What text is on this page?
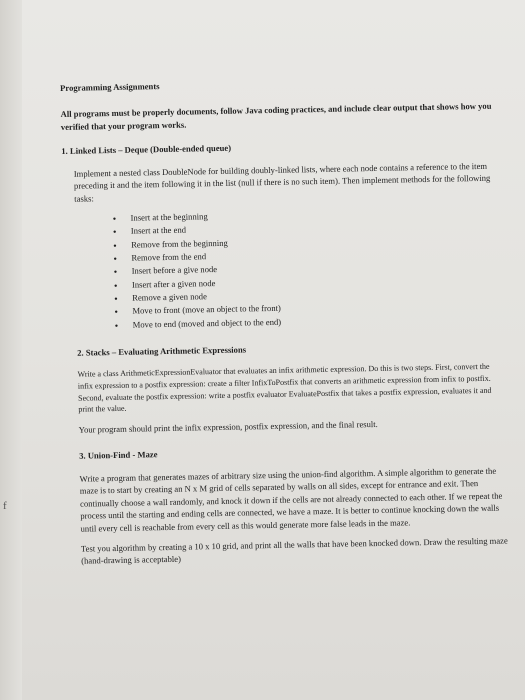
f
Programming Assignments
All programs must be properly documents, follow Java coding practices, and include clear output that shows how you verified that your program works.
1. Linked Lists – Deque (Double-ended queue)
Implement a nested class DoubleNode for building doubly-linked lists, where each node contains a reference to the item preceding it and the item following it in the list (null if there is no such item). Then implement methods for the following tasks:
• Insert at the beginning
• Insert at the end
• Remove from the beginning
• Remove from the end
• Insert before a give node
• Insert after a given node
• Remove a given node
• Move to front (move an object to the front)
• Move to end (moved and object to the end)
2. Stacks – Evaluating Arithmetic Expressions
Write a class ArithmeticExpressionEvaluator that evaluates an infix arithmetic expression. Do this is two steps. First, convert the infix expression to a postfix expression: create a filter InfixToPostfix that converts an arithmetic expression from infix to postfix. Second, evaluate the postfix expression: write a postfix evaluator EvaluatePostfix that takes a postfix expression, evaluates it and print the value.
Your program should print the infix expression, postfix expression, and the final result.
3. Union-Find - Maze
Write a program that generates mazes of arbitrary size using the union-find algorithm. A simple algorithm to generate the maze is to start by creating an N x M grid of cells separated by walls on all sides, except for entrance and exit. Then continually choose a wall randomly, and knock it down if the cells are not already connected to each other. If we repeat the process until the starting and ending cells are connected, we have a maze. It is better to continue knocking down the walls until every cell is reachable from every cell as this would generate more false leads in the maze.
Test you algorithm by creating a 10 x 10 grid, and print all the walls that have been knocked down. Draw the resulting maze (hand-drawing is acceptable)
